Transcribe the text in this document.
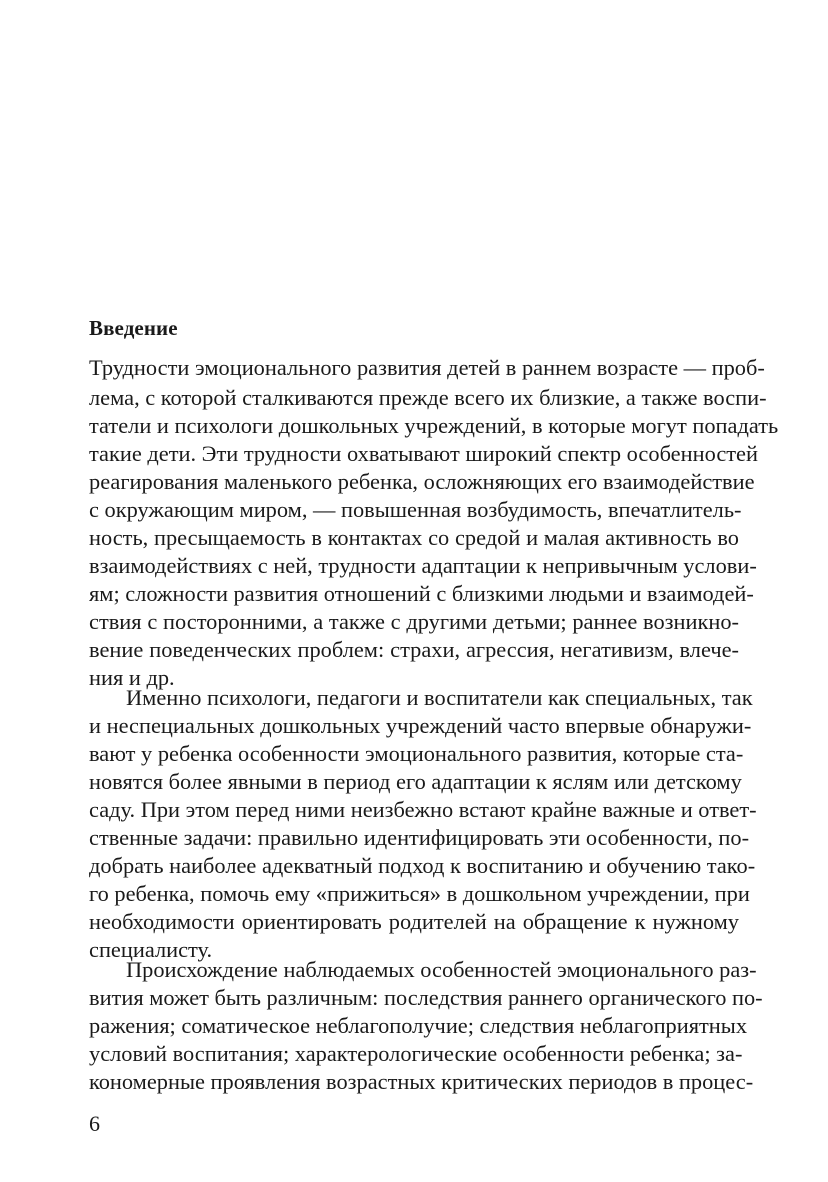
Введение

Трудности эмоционального развития детей в раннем возрасте — проб-

лема, с которой сталкиваются прежде всего их близкие, а также воспи-

татели и психологи дошкольных учреждений, в которые могут попадать

такие дети. Эти трудности охватывают широкий спектр особенностей

реагирования маленького ребенка, осложняющих его взаимодействие

с окружающим миром, — повышенная возбудимость, впечатлитель-

ность, пресыщаемость в контактах со средой и малая активность во

взаимодействиях с ней, трудности адаптации к непривычным услови-

ям; сложности развития отношений с близкими людьми и взаимодей-

ствия с посторонними, а также с другими детьми; раннее возникно-

вение поведенческих проблем: страхи, агрессия, негативизм, влече-

ния и др.

Именно психологи, педагоги и воспитатели как специальных, так

и неспециальных дошкольных учреждений часто впервые обнаружи-

вают у ребенка особенности эмоционального развития, которые ста-

новятся более явными в период его адаптации к яслям или детскому

саду. При этом перед ними неизбежно встают крайне важные и ответ-

ственные задачи: правильно идентифицировать эти особенности, по-

добрать наиболее адекватный подход к воспитанию и обучению тако-

го ребенка, помочь ему «прижиться» в дошкольном учреждении, при

необходимости ориентировать родителей на обращение к нужному

специалисту.

Происхождение наблюдаемых особенностей эмоционального раз-

вития может быть различным: последствия раннего органического по-

ражения; соматическое неблагополучие; следствия неблагоприятных

условий воспитания; характерологические особенности ребенка; за-

кономерные проявления возрастных критических периодов в процес-

6
